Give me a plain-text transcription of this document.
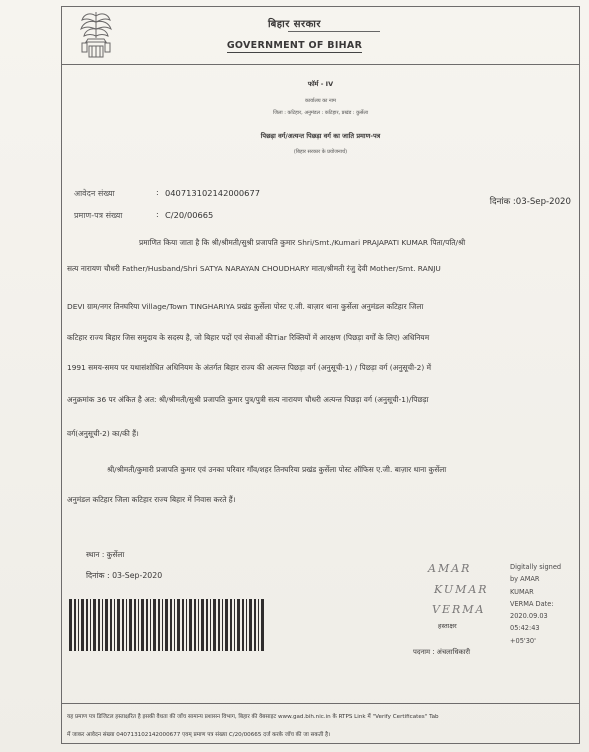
बिहार सरकार
GOVERNMENT OF BIHAR
फॉर्म - IV
कार्यालय का नाम
जिला : कटिहार, अनुमंडल : कटिहार, प्रखंड : कुर्सेला
पिछड़ा वर्ग/अत्यन्त पिछड़ा वर्ग का जाति प्रमाण-पत्र
(बिहार सरकार के प्रयोजनार्थ)
आवेदन संख्या	: 040713102142000677
प्रमाण-पत्र संख्या	: C/20/00665
दिनांक :03-Sep-2020
प्रमाणित किया जाता है कि श्री/श्रीमती/सुश्री प्रजापति कुमार Shri/Smt./Kumari PRAJAPATI KUMAR पिता/पति/श्री
सत्य नारायण चौधरी Father/Husband/Shri SATYA NARAYAN CHOUDHARY माता/श्रीमती रंजु देवी Mother/Smt. RANJU
DEVI ग्राम/नगर तिनघरिया Village/Town TINGHARIYA प्रखंड कुर्सेला पोस्ट ए.जी. बाज़ार थाना कुर्सेला अनुमंडल कटिहार जिला
कटिहार राज्य बिहार जिस समुदाय के सदस्य है, जो बिहार पदों एवं सेवाओं कीTiar रिक्तियों में आरक्षण (पिछड़ा वर्गों के लिए) अधिनियम
1991 समय-समय पर यथासंशोधित अधिनियम के अंतर्गत बिहार राज्य की अत्यन्त पिछड़ा वर्ग (अनुसूची-1) / पिछड़ा वर्ग (अनुसूची-2) में
अनुक्रमांक 36 पर अंकित है अत: श्री/श्रीमती/सुश्री प्रजापति कुमार पुत्र/पुत्री सत्य नारायण चौधरी अत्यन्त पिछड़ा वर्ग (अनुसूची-1)/पिछड़ा
वर्ग(अनुसूची-2) का/की हैं।
श्री/श्रीमती/कुमारी प्रजापति कुमार एवं उनका परिवार गाँव/शहर तिनघरिया प्रखंड कुर्सेला पोस्ट ऑफिस ए.जी. बाज़ार थाना कुर्सेला
अनुमंडल कटिहार जिला कटिहार राज्य बिहार में निवास करते हैं।
स्थान : कुर्सेला
दिनांक : 03-Sep-2020
AMAR
KUMAR
VERMA
हस्ताक्षर
Digitally signed
by AMAR
KUMAR
VERMA Date:
2020.09.03
05:42:43
+05'30'
पदनाम : अंचलाधिकारी
यह प्रमाण पत्र डिजिटल हस्ताक्षरित है इसकी वैधता की जाँच सामान्य प्रशासन विभाग, बिहार की वेबसाइट www.gad.bih.nic.in के RTPS Link में "Verify Certificates" Tab
में जाकर आवेदन संख्या 040713102142000677 एवम् प्रमाण पत्र संख्या C/20/00665 दर्ज करके जाँच की जा सकती है।
